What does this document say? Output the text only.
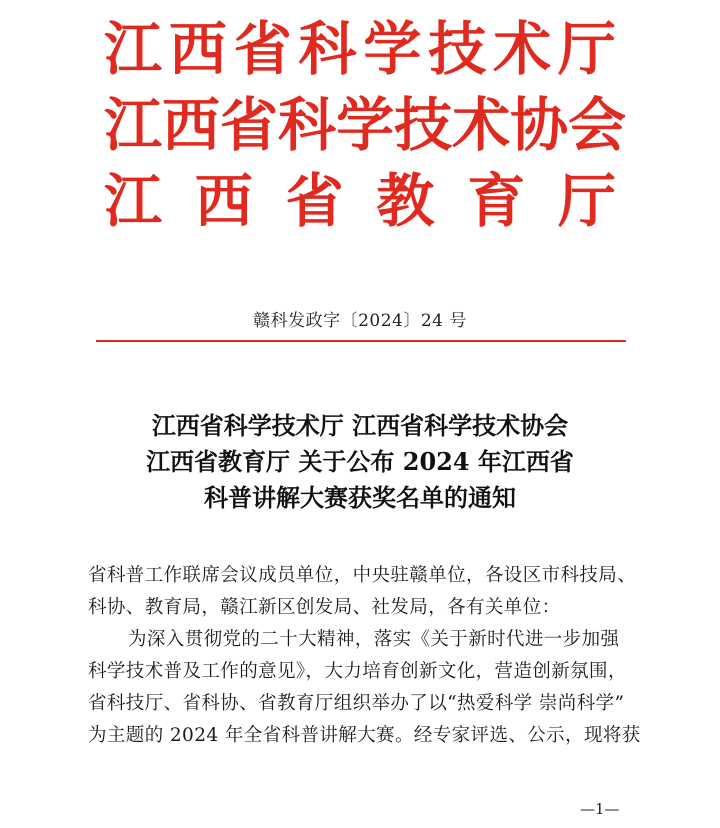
江 西 省 科 学 技 术 厅
江 西 省 科 学 技 术 协 会
江 西 省 教 育 厅
赣科发政字〔2024〕24 号
江西省科学技术厅 江西省科学技术协会
江西省教育厅 关于公布 2024 年江西省
科普讲解大赛获奖名单的通知
省科普工作联席会议成员单位，中央驻赣单位，各设区市科技局、
科协、教育局，赣江新区创发局、社发局，各有关单位：
为深入贯彻党的二十大精神，落实《关于新时代进一步加强
科学技术普及工作的意见》，大力培育创新文化，营造创新氛围，
省科技厅、省科协、省教育厅组织举办了以“热爱科学 崇尚科学”
为主题的 2024 年全省科普讲解大赛。经专家评选、公示，现将获
—1—
